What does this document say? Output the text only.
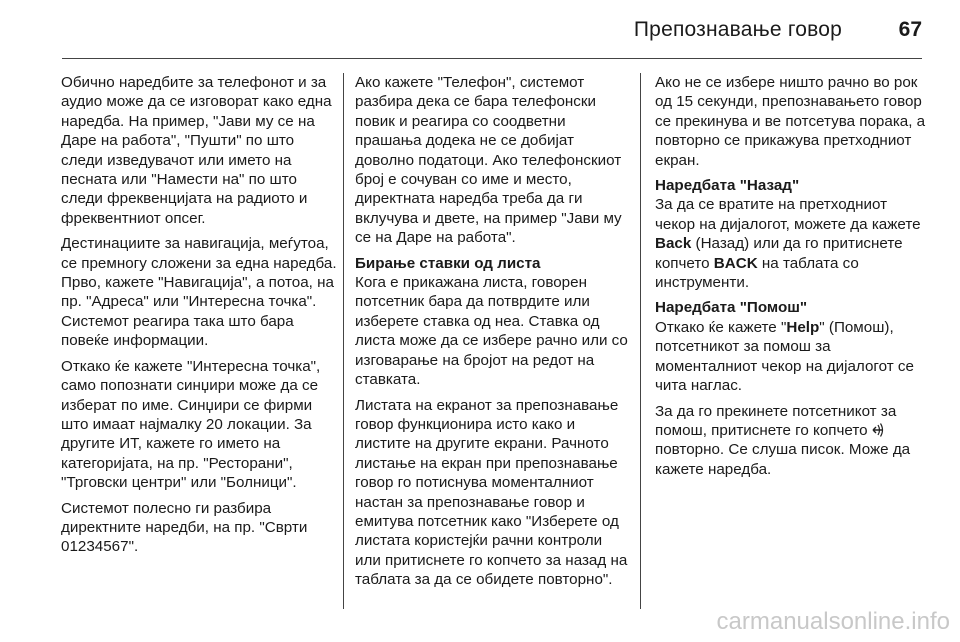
Препознавање говор	67

Обично наредбите за телефонот и за аудио може да се изговорат како една наредба. На пример, "Јави му се на Даре на работа", "Пушти" по што следи изведувачот или името на песната или "Намести на" по што следи фреквенцијата на радиото и фреквентниот опсег.

Дестинациите за навигација, меѓутоа, се премногу сложени за една наредба. Прво, кажете "Навигација", а потоа, на пр. "Адреса" или "Интересна точка". Системот реагира така што бара повеќе информации.

Откако ќе кажете "Интересна точка", само попознати синџири може да се изберат по име. Синџири се фирми што имаат најмалку 20 локации. За другите ИТ, кажете го името на категоријата, на пр. "Ресторани", "Трговски центри" или "Болници".

Системот полесно ги разбира директните наредби, на пр. "Сврти 01234567".

Ако кажете "Телефон", системот разбира дека се бара телефонски повик и реагира со соодветни прашања додека не се добијат доволно податоци. Ако телефонскиот број е сочуван со име и место, директната наредба треба да ги вклучува и двете, на пример "Јави му се на Даре на работа".

Бирање ставки од листа

Кога е прикажана листа, говорен потсетник бара да потврдите или изберете ставка од неа. Ставка од листа може да се избере рачно или со изговарање на бројот на редот на ставката.

Листата на екранот за препознавање говор функционира исто како и листите на другите екрани. Рачното листање на екран при препознавање говор го потиснува моменталниот настан за препознавање говор и емитува потсетник како "Изберете од листата користејќи рачни контроли или притиснете го копчето за назад на таблата за да се обидете повторно".

Ако не се избере ништо рачно во рок од 15 секунди, препознавањето говор се прекинува и ве потсетува порака, а повторно се прикажува претходниот екран.

Наредбата "Назад"

За да се вратите на претходниот чекор на дијалогот, можете да кажете Back (Назад) или да го притиснете копчето BACK на таблата со инструменти.

Наредбата "Помош"

Откако ќе кажете "Help" (Помош), потсетникот за помош за моменталниот чекор на дијалогот се чита наглас.

За да го прекинете потсетникот за помош, притиснете го копчето  повторно. Се слуша писок. Може да кажете наредба.

carmanualsonline.info
